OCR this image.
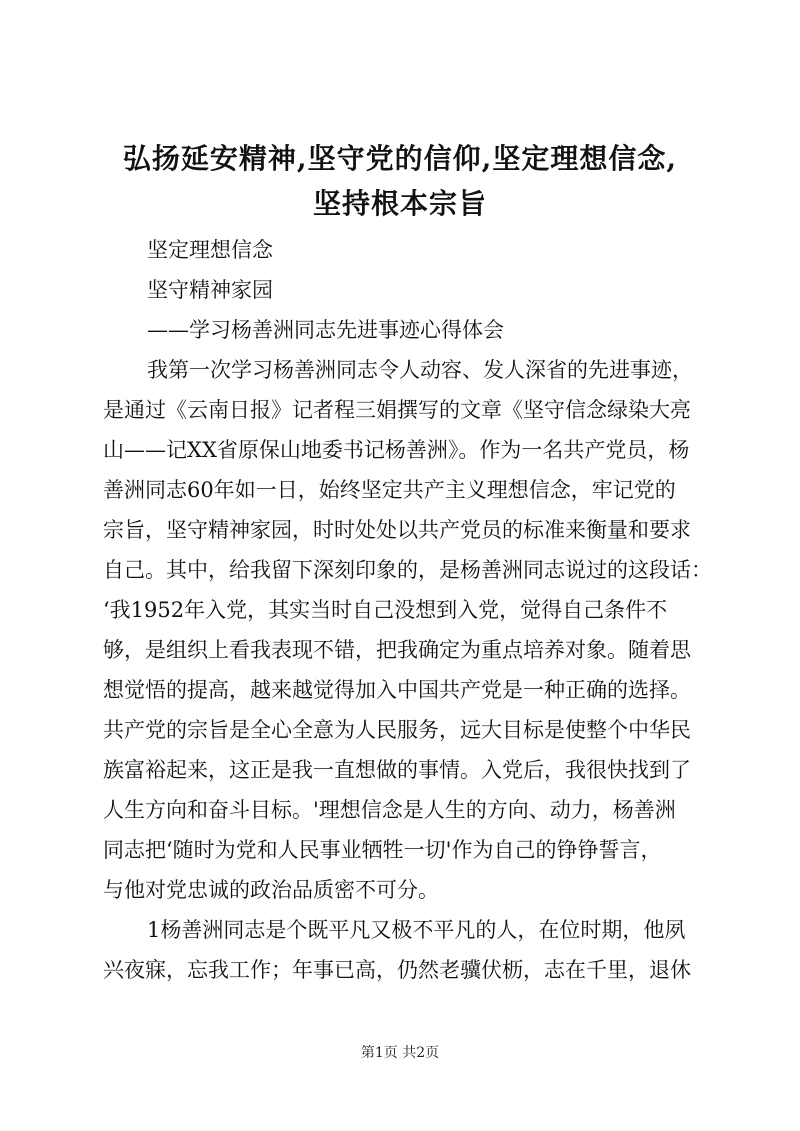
弘扬延安精神,坚守党的信仰,坚定理想信念,
坚持根本宗旨
坚定理想信念
坚守精神家园
——学习杨善洲同志先进事迹心得体会
我第一次学习杨善洲同志令人动容、发人深省的先进事迹，
是通过《云南日报》记者程三娟撰写的文章《坚守信念绿染大亮
山——记XX省原保山地委书记杨善洲》。作为一名共产党员，杨
善洲同志60年如一日，始终坚定共产主义理想信念，牢记党的
宗旨，坚守精神家园，时时处处以共产党员的标准来衡量和要求
自己。其中，给我留下深刻印象的，是杨善洲同志说过的这段话：
‘我1952年入党，其实当时自己没想到入党，觉得自己条件不
够，是组织上看我表现不错，把我确定为重点培养对象。随着思
想觉悟的提高，越来越觉得加入中国共产党是一种正确的选择。
共产党的宗旨是全心全意为人民服务，远大目标是使整个中华民
族富裕起来，这正是我一直想做的事情。入党后，我很快找到了
人生方向和奋斗目标。'理想信念是人生的方向、动力，杨善洲
同志把‘随时为党和人民事业牺牲一切'作为自己的铮铮誓言，
与他对党忠诚的政治品质密不可分。
1杨善洲同志是个既平凡又极不平凡的人，在位时期，他夙
兴夜寐，忘我工作；年事已高，仍然老骥伏枥，志在千里，退休
第1页 共2页
